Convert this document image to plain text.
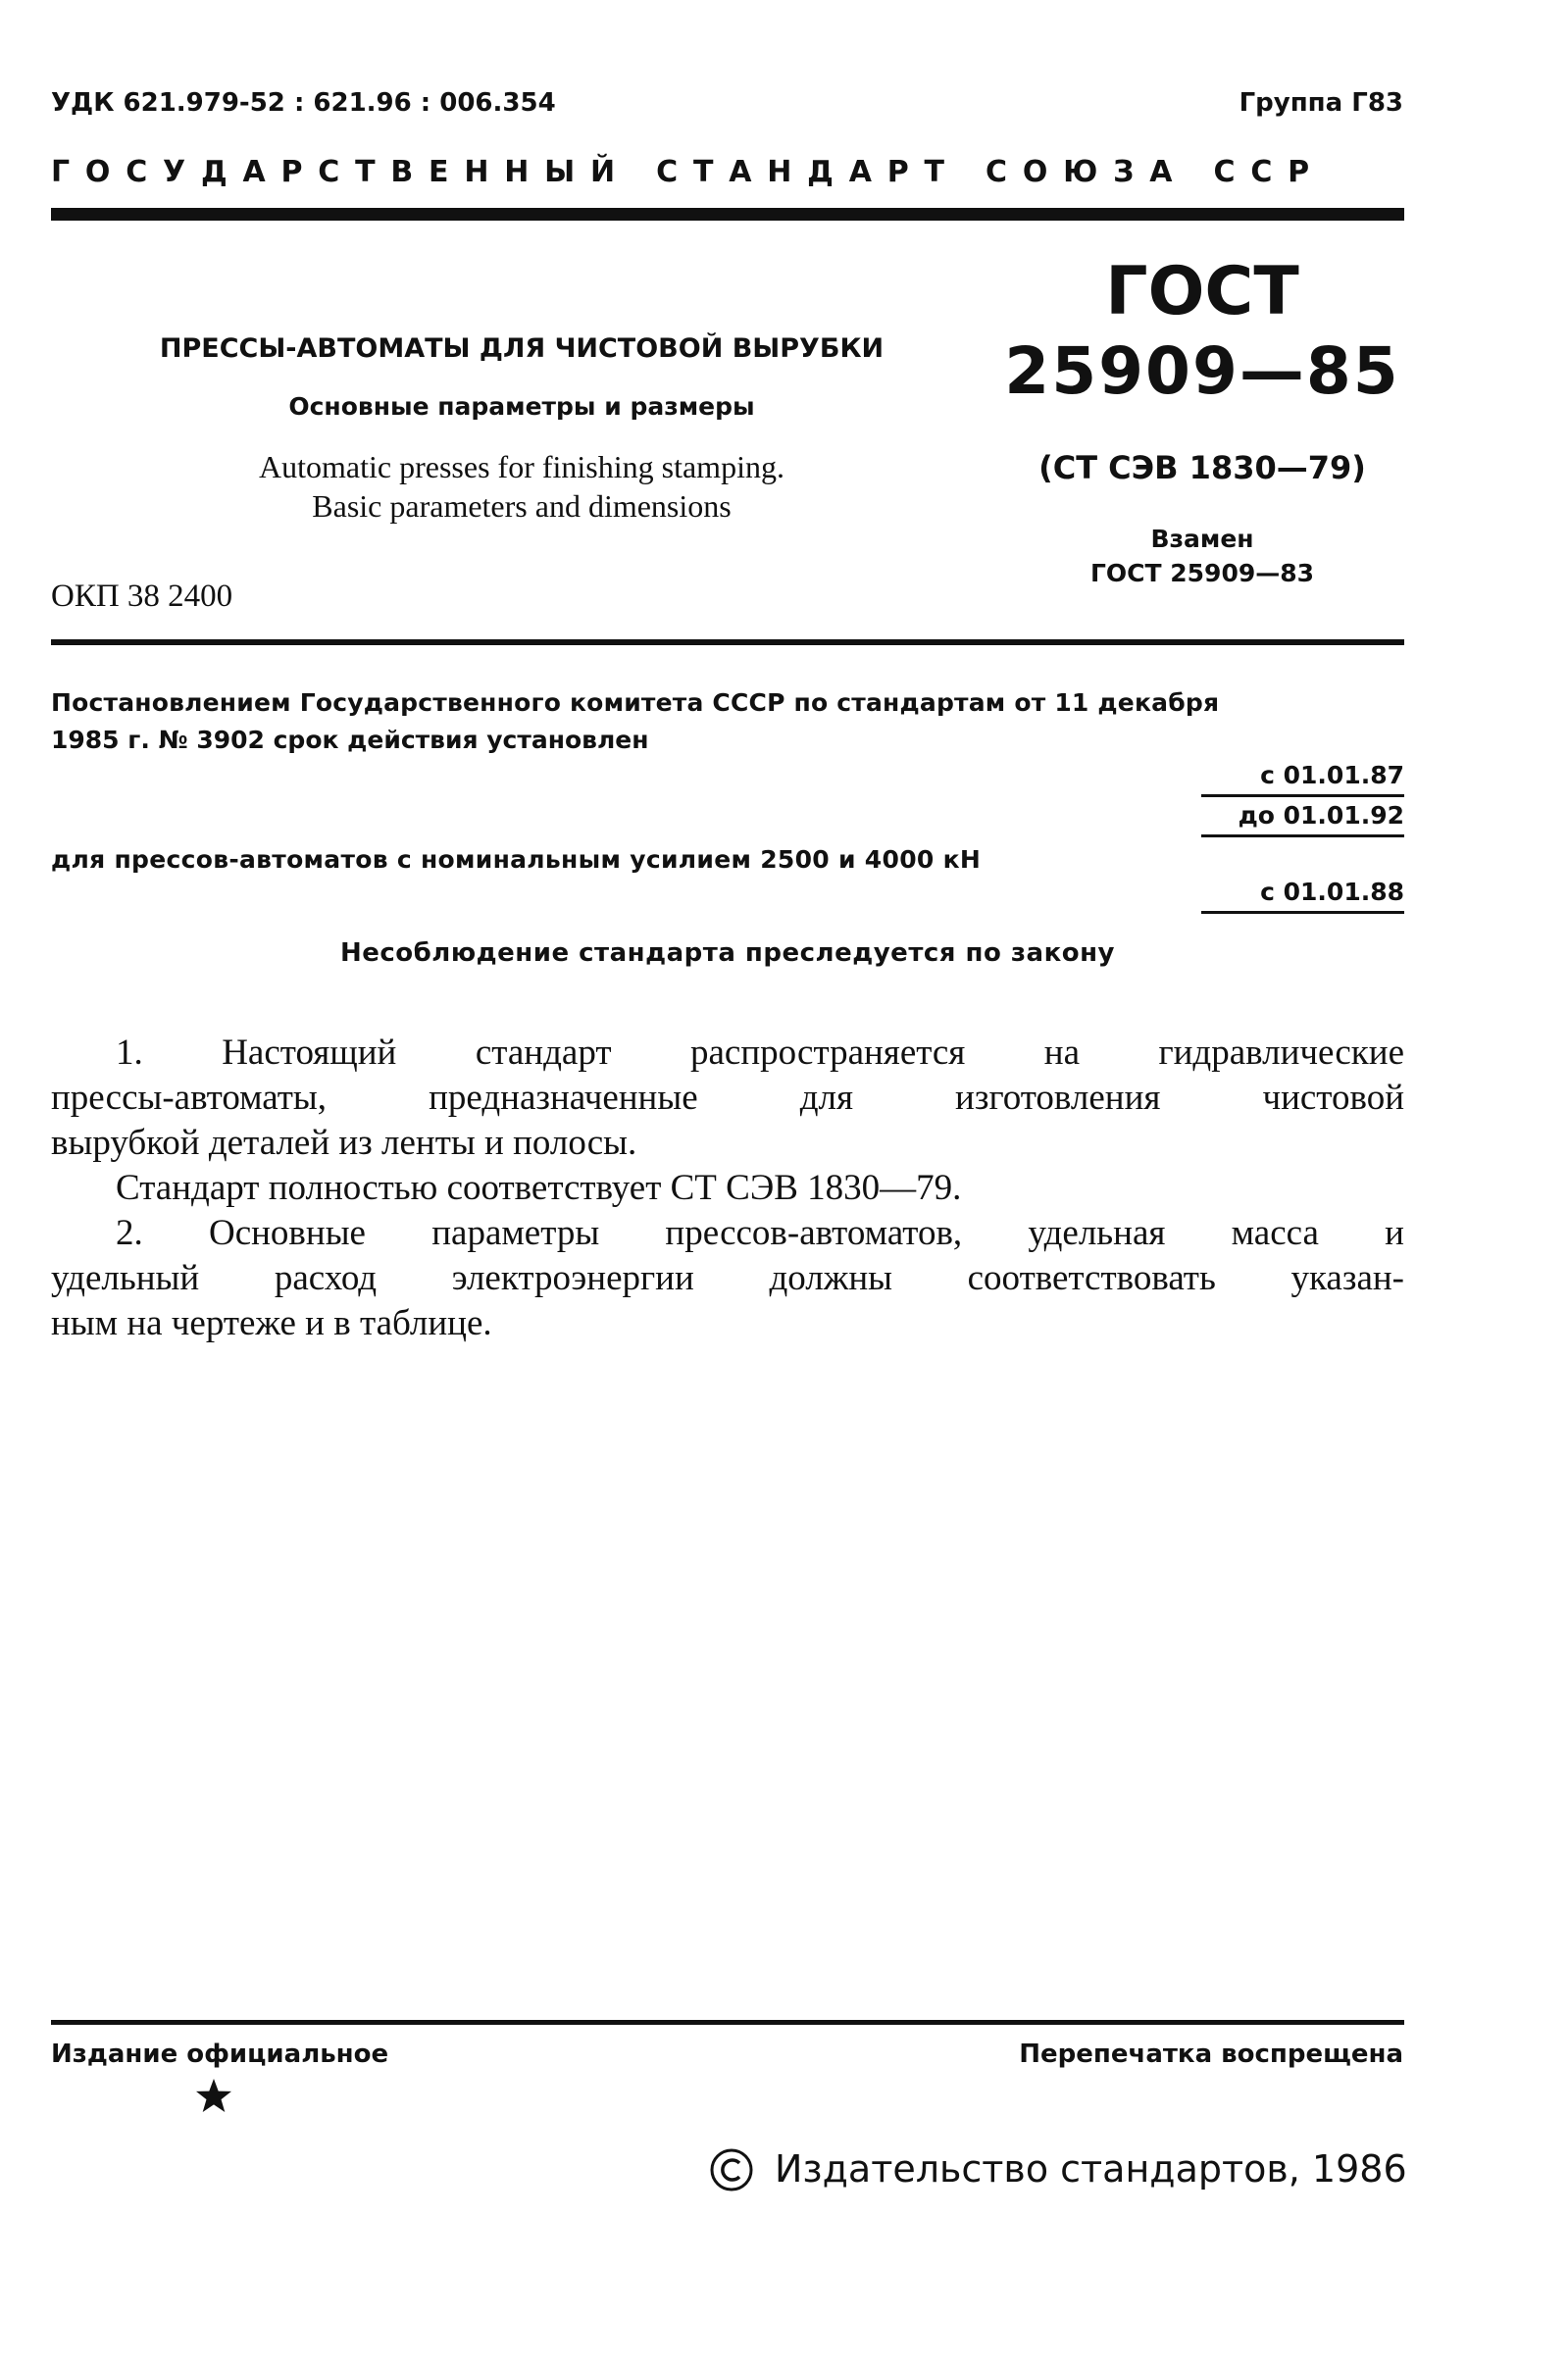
УДК 621.979-52 : 621.96 : 006.354	Группа Г83
ГОСУДАРСТВЕННЫЙ СТАНДАРТ СОЮЗА ССР
ПРЕССЫ-АВТОМАТЫ ДЛЯ ЧИСТОВОЙ ВЫРУБКИ
Основные параметры и размеры
Automatic presses for finishing stamping.
Basic parameters and dimensions
ОКП 38 2400
ГОСТ
25909—85
(СТ СЭВ 1830—79)
Взамен
ГОСТ 25909—83
Постановлением Государственного комитета СССР по стандартам от 11 декабря
1985 г. № 3902 срок действия установлен
с 01.01.87
до 01.01.92
для прессов-автоматов с номинальным усилием 2500 и 4000 кН
с 01.01.88
Несоблюдение стандарта преследуется по закону
1. Настоящий стандарт распространяется на гидравлические
прессы-автоматы, предназначенные для изготовления чистовой
вырубкой деталей из ленты и полосы.
Стандарт полностью соответствует СТ СЭВ 1830—79.
2. Основные параметры прессов-автоматов, удельная масса и
удельный расход электроэнергии должны соответствовать указан-
ным на чертеже и в таблице.
Издание официальное	Перепечатка воспрещена
Издательство стандартов, 1986
